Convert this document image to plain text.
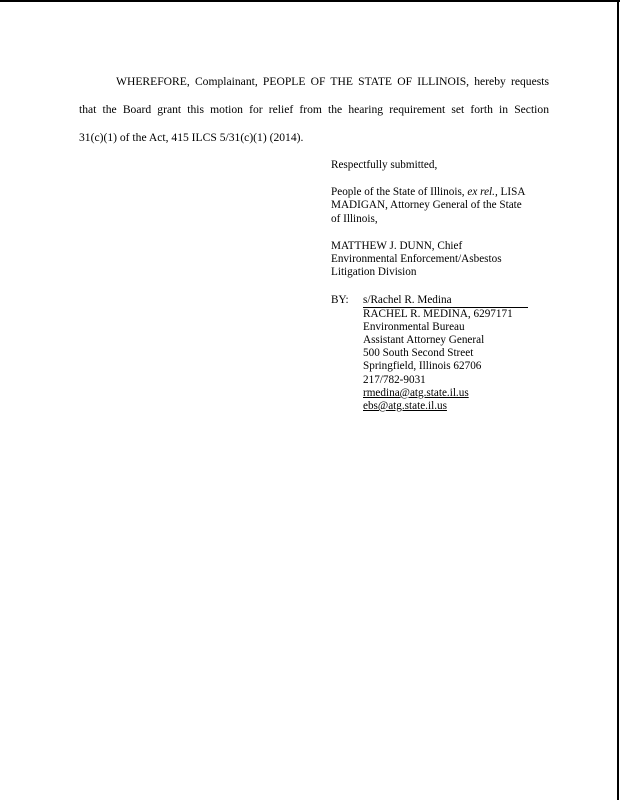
WHEREFORE, Complainant, PEOPLE OF THE STATE OF ILLINOIS, hereby requests
that the Board grant this motion for relief from the hearing requirement set forth in Section
31(c)(1) of the Act, 415 ILCS 5/31(c)(1) (2014).

Respectfully submitted,

People of the State of Illinois, ex rel., LISA

MADIGAN, Attorney General of the State

of Illinois,

MATTHEW J. DUNN, Chief

Environmental Enforcement/Asbestos

Litigation Division

BY:	s/Rachel R. Medina

RACHEL R. MEDINA, 6297171

Environmental Bureau

Assistant Attorney General

500 South Second Street

Springfield, Illinois 62706

217/782-9031

rmedina@atg.state.il.us

ebs@atg.state.il.us
